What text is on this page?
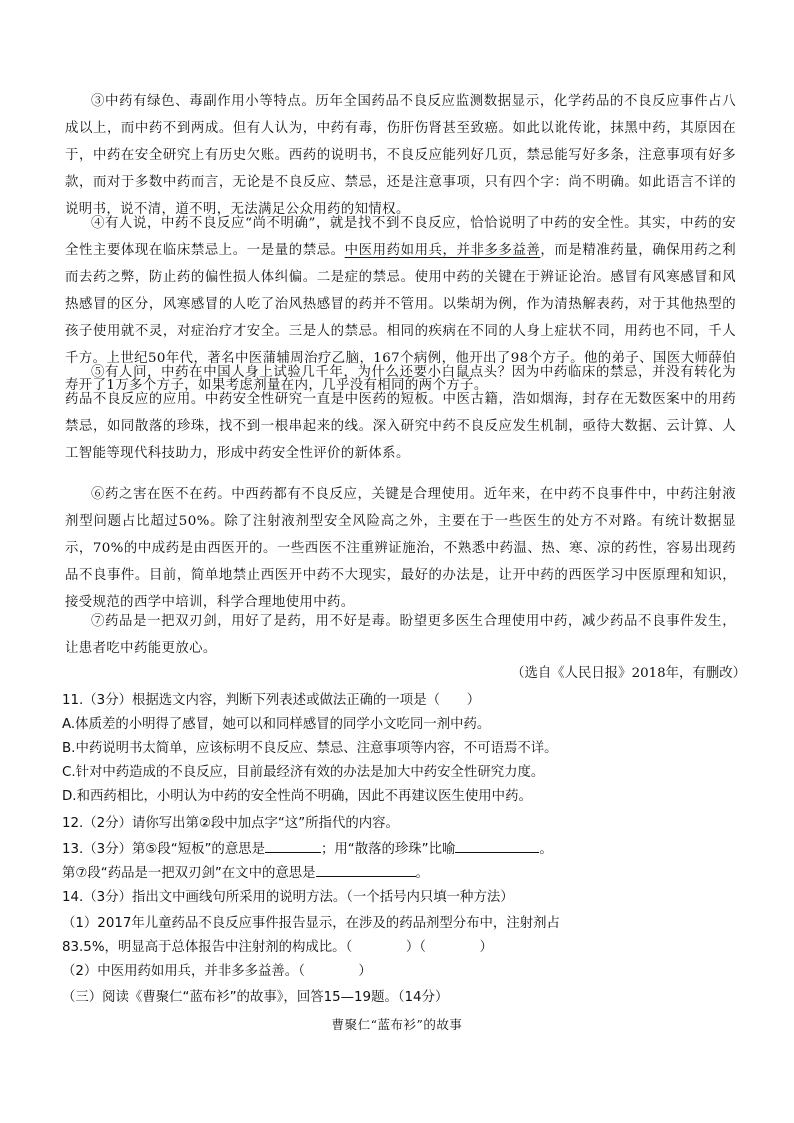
③中药有绿色、毒副作用小等特点。历年全国药品不良反应监测数据显示，化学药品的不良反应事件占八成以上，而中药不到两成。但有人认为，中药有毒，伤肝伤肾甚至致癌。如此以讹传讹，抹黑中药，其原因在于，中药在安全研究上有历史欠账。西药的说明书，不良反应能列好几页，禁忌能写好多条，注意事项有好多款，而对于多数中药而言，无论是不良反应、禁忌，还是注意事项，只有四个字：尚不明确。如此语言不详的说明书，说不清，道不明，无法满足公众用药的知情权。
④有人说，中药不良反应“尚不明确”，就是找不到不良反应，恰恰说明了中药的安全性。其实，中药的安全性主要体现在临床禁忌上。一是量的禁忌。中医用药如用兵，并非多多益善，而是精准药量，确保用药之利而去药之弊，防止药的偏性损人体纠偏。二是症的禁忌。使用中药的关键在于辨证论治。感冒有风寒感冒和风热感冒的区分，风寒感冒的人吃了治风热感冒的药并不管用。以柴胡为例，作为清热解表药，对于其他热型的孩子使用就不灵，对症治疗才安全。三是人的禁忌。相同的疾病在不同的人身上症状不同，用药也不同，千人千方。上世纪50年代，著名中医蒲辅周治疗乙脑，167个病例，他开出了98个方子。他的弟子、国医大师薛伯寿开了1万多个方子，如果考虑剂量在内，几乎没有相同的两个方子。
⑤有人问，中药在中国人身上试验几千年，为什么还要小白鼠点头？因为中药临床的禁忌，并没有转化为药品不良反应的应用。中药安全性研究一直是中医药的短板。中医古籍，浩如烟海，封存在无数医案中的用药禁忌，如同散落的珍珠，找不到一根串起来的线。深入研究中药不良反应发生机制，亟待大数据、云计算、人工智能等现代科技助力，形成中药安全性评价的新体系。
⑥药之害在医不在药。中西药都有不良反应，关键是合理使用。近年来，在中药不良事件中，中药注射液剂型问题占比超过50%。除了注射液剂型安全风险高之外，主要在于一些医生的处方不对路。有统计数据显示，70%的中成药是由西医开的。一些西医不注重辨证施治，不熟悉中药温、热、寒、凉的药性，容易出现药品不良事件。目前，简单地禁止西医开中药不大现实，最好的办法是，让开中药的西医学习中医原理和知识，接受规范的西学中培训，科学合理地使用中药。
⑦药品是一把双刃剑，用好了是药，用不好是毒。盼望更多医生合理使用中药，减少药品不良事件发生，让患者吃中药能更放心。
（选自《人民日报》2018年，有删改）
11.（3分）根据选文内容，判断下列表述或做法正确的一项是（　　）
A.体质差的小明得了感冒，她可以和同样感冒的同学小文吃同一剂中药。
B.中药说明书太简单，应该标明不良反应、禁忌、注意事项等内容，不可语焉不详。
C.针对中药造成的不良反应，目前最经济有效的办法是加大中药安全性研究力度。
D.和西药相比，小明认为中药的安全性尚不明确，因此不再建议医生使用中药。
12.（2分）请你写出第②段中加点字“这”所指代的内容。
13.（3分）第⑤段“短板”的意思是	；用“散落的珍珠”比喻	。
第⑦段“药品是一把双刃剑”在文中的意思是	。
14.（3分）指出文中画线句所采用的说明方法。（一个括号内只填一种方法）
（1）2017年儿童药品不良反应事件报告显示，在涉及的药品剂型分布中，注射剂占
83.5%，明显高于总体报告中注射剂的构成比。（　　　　）（　　　　）
（2）中医用药如用兵，并非多多益善。（　　　　）
（三）阅读《曹聚仁“蓝布衫”的故事》，回答15—19题。（14分）
曹聚仁“蓝布衫”的故事
